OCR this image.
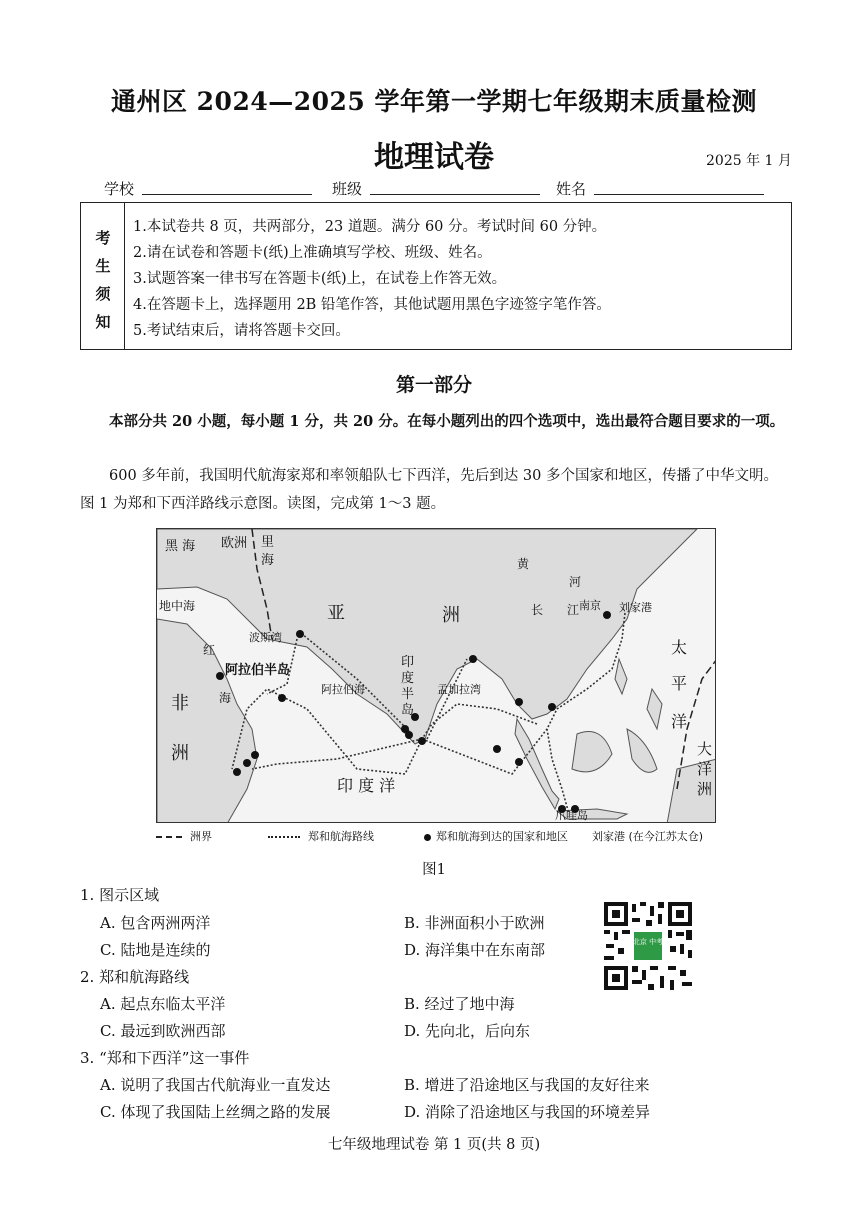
通州区 2024—2025 学年第一学期七年级期末质量检测
地理试卷	2025 年 1 月
学校	班级	姓名
考
生
须
知
1.本试卷共 8 页，共两部分，23 道题。满分 60 分。考试时间 60 分钟。
2.请在试卷和答题卡(纸)上准确填写学校、班级、姓名。
3.试题答案一律书写在答题卡(纸)上，在试卷上作答无效。
4.在答题卡上，选择题用 2B 铅笔作答，其他试题用黑色字迹签字笔作答。
5.考试结束后，请将答题卡交回。
第一部分
本部分共 20 小题，每小题 1 分，共 20 分。在每小题列出的四个选项中，选出最符合题目要求的一项。
600 多年前，我国明代航海家郑和率领船队七下西洋，先后到达 30 多个国家和地区，传播了中华文明。图 1 为郑和下西洋路线示意图。读图，完成第 1～3 题。
黑 海 欧洲 里海
地中海	亚	洲
黄
河
长 江 南京 刘家港
波斯湾
红
海
阿拉伯半岛
非
洲
印度半岛
阿拉伯海	孟加拉湾
太
平
洋
大洋洲
印 度 洋
爪哇岛
洲界	郑和航海路线	郑和航海到达的国家和地区 刘家港 (在今江苏太仓)
图1
1. 图示区域
A. 包含两洲两洋	B. 非洲面积小于欧洲
C. 陆地是连续的	D. 海洋集中在东南部
2. 郑和航海路线
A. 起点东临太平洋	B. 经过了地中海
C. 最远到欧洲西部	D. 先向北，后向东
3. “郑和下西洋”这一事件
A. 说明了我国古代航海业一直发达	B. 增进了沿途地区与我国的友好往来
C. 体现了我国陆上丝绸之路的发展	D. 消除了沿途地区与我国的环境差异
北京 中考
七年级地理试卷 第 1 页(共 8 页)
